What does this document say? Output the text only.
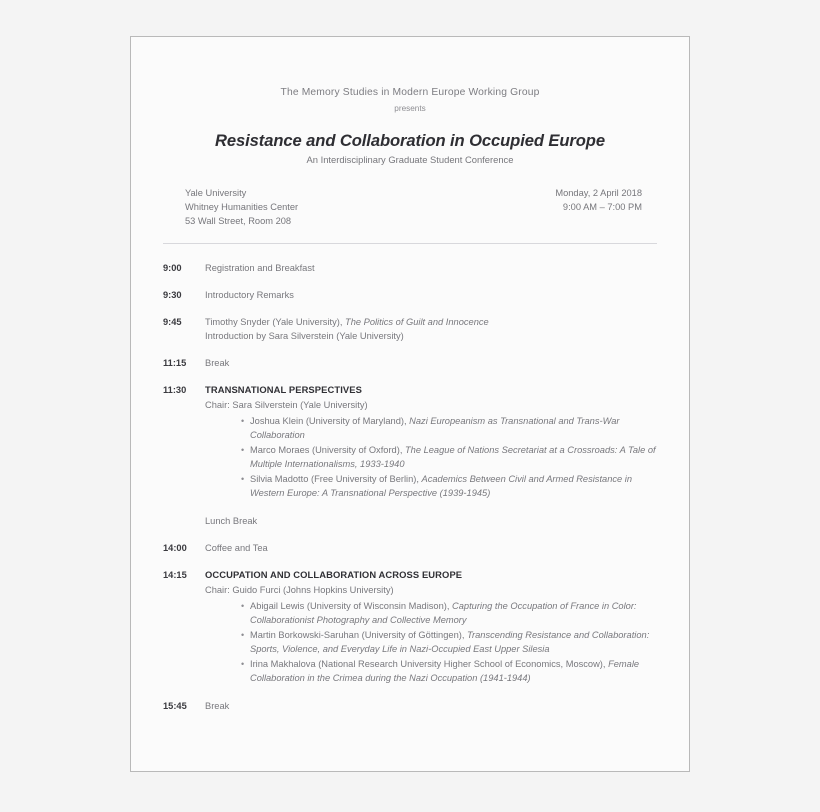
The Memory Studies in Modern Europe Working Group
presents
Resistance and Collaboration in Occupied Europe
An Interdisciplinary Graduate Student Conference
Yale University
Whitney Humanities Center
53 Wall Street, Room 208
Monday, 2 April 2018
9:00 AM – 7:00 PM
9:00	Registration and Breakfast
9:30	Introductory Remarks
9:45	Timothy Snyder (Yale University), The Politics of Guilt and Innocence
Introduction by Sara Silverstein (Yale University)
11:15	Break
11:30	TRANSNATIONAL PERSPECTIVES
Chair: Sara Silverstein (Yale University)
• Joshua Klein (University of Maryland), Nazi Europeanism as Transnational and Trans-War Collaboration
• Marco Moraes (University of Oxford), The League of Nations Secretariat at a Crossroads: A Tale of Multiple Internationalisms, 1933-1940
• Silvia Madotto (Free University of Berlin), Academics Between Civil and Armed Resistance in Western Europe: A Transnational Perspective (1939-1945)
Lunch Break
14:00	Coffee and Tea
14:15	OCCUPATION AND COLLABORATION ACROSS EUROPE
Chair: Guido Furci (Johns Hopkins University)
• Abigail Lewis (University of Wisconsin Madison), Capturing the Occupation of France in Color: Collaborationist Photography and Collective Memory
• Martin Borkowski-Saruhan (University of Göttingen), Transcending Resistance and Collaboration: Sports, Violence, and Everyday Life in Nazi-Occupied East Upper Silesia
• Irina Makhalova (National Research University Higher School of Economics, Moscow), Female Collaboration in the Crimea during the Nazi Occupation (1941-1944)
15:45	Break
